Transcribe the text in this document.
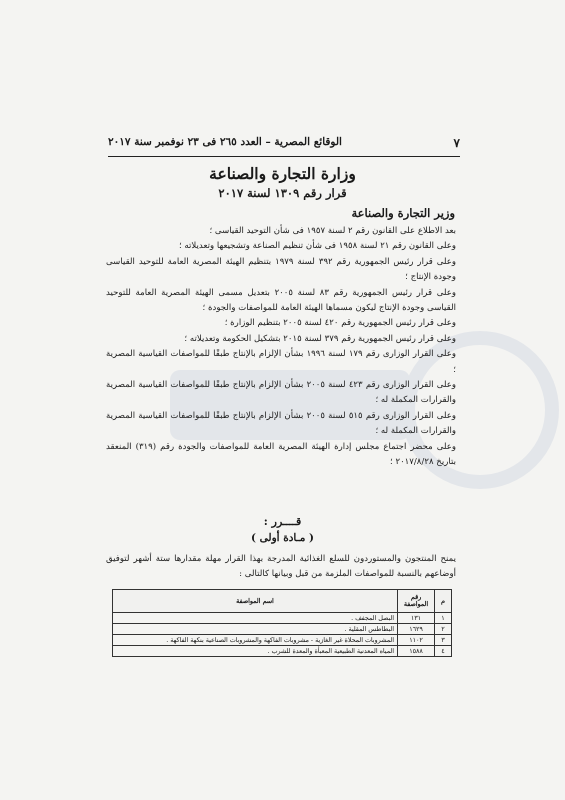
٧
الوقائع المصرية – العدد ٢٦٥ فى ٢٣ نوفمبر سنة ٢٠١٧
وزارة التجارة والصناعة
قرار رقم ١٣٠٩ لسنة ٢٠١٧
وزير التجارة والصناعة

بعد الاطلاع على القانون رقم ٢ لسنة ١٩٥٧ فى شأن التوحيد القياسى ؛

وعلى القانون رقم ٢١ لسنة ١٩٥٨ فى شأن تنظيم الصناعة وتشجيعها وتعديلاته ؛

وعلى قرار رئيس الجمهورية رقم ٣٩٢ لسنة ١٩٧٩ بتنظيم الهيئة المصرية العامة للتوحيد القياسى وجودة الإنتاج ؛

وعلى قرار رئيس الجمهورية رقم ٨٣ لسنة ٢٠٠٥ بتعديل مسمى الهيئة المصرية العامة للتوحيد القياسى وجودة الإنتاج ليكون مسماها الهيئة العامة للمواصفات والجودة ؛

وعلى قرار رئيس الجمهورية رقم ٤٢٠ لسنة ٢٠٠٥ بتنظيم الوزارة ؛

وعلى قرار رئيس الجمهورية رقم ٣٧٩ لسنة ٢٠١٥ بتشكيل الحكومة وتعديلاته ؛

وعلى القرار الوزارى رقم ١٧٩ لسنة ١٩٩٦ بشأن الإلزام بالإنتاج طبقًا للمواصفات القياسية المصرية ؛

وعلى القرار الوزارى رقم ٤٢٣ لسنة ٢٠٠٥ بشأن الإلزام بالإنتاج طبقًا للمواصفات القياسية المصرية والقرارات المكملة له ؛

وعلى القرار الوزارى رقم ٥١٥ لسنة ٢٠٠٥ بشأن الإلزام بالإنتاج طبقًا للمواصفات القياسية المصرية والقرارات المكملة له ؛

وعلى محضر اجتماع مجلس إدارة الهيئة المصرية العامة للمواصفات والجودة رقم (٣١٩) المنعقد بتاريخ ٢٠١٧/٨/٢٨ ؛

قــــرر :
( مـادة أولى )
يمنح المنتجون والمستوردون للسلع الغذائية المدرجة بهذا القرار مهلة مقدارها ستة أشهر لتوفيق أوضاعهم بالنسبة للمواصفات الملزمة من قبل وبيانها كالتالى :
م	رقم المواصفة	اسم المواصفة
١	١٣١	البصل المجفف .
٢	١٦٢٩	البطاطس المقلية .
٣	١١٠٢	المشروبات المحلاة غير الغازية - مشروبات الفاكهة والمشروبات الصناعية بنكهة الفاكهة .
٤	١٥٨٨	المياه المعدنية الطبيعية المعبأة والمعدة للشرب .
